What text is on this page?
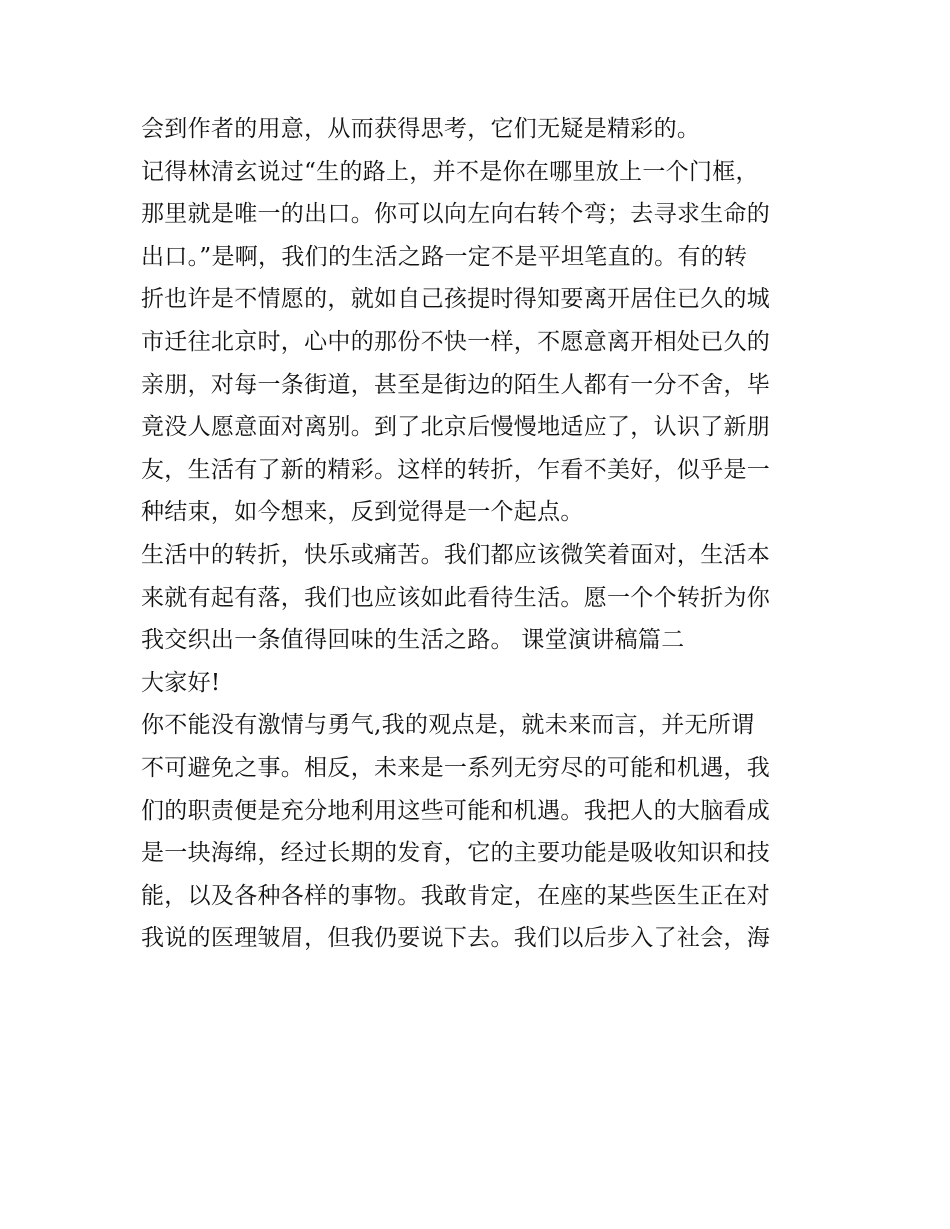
会到作者的用意，从而获得思考，它们无疑是精彩的。
记得林清玄说过“生的路上，并不是你在哪里放上一个门框，
那里就是唯一的出口。你可以向左向右转个弯；去寻求生命的
出口。”是啊，我们的生活之路一定不是平坦笔直的。有的转
折也许是不情愿的，就如自己孩提时得知要离开居住已久的城
市迁往北京时，心中的那份不快一样，不愿意离开相处已久的
亲朋，对每一条街道，甚至是街边的陌生人都有一分不舍，毕
竟没人愿意面对离别。到了北京后慢慢地适应了，认识了新朋
友，生活有了新的精彩。这样的转折，乍看不美好，似乎是一
种结束，如今想来，反到觉得是一个起点。
生活中的转折，快乐或痛苦。我们都应该微笑着面对，生活本
来就有起有落，我们也应该如此看待生活。愿一个个转折为你
我交织出一条值得回味的生活之路。 课堂演讲稿篇二
大家好!
你不能没有激情与勇气,我的观点是，就未来而言，并无所谓
不可避免之事。相反，未来是一系列无穷尽的可能和机遇，我
们的职责便是充分地利用这些可能和机遇。我把人的大脑看成
是一块海绵，经过长期的发育，它的主要功能是吸收知识和技
能，以及各种各样的事物。我敢肯定，在座的某些医生正在对
我说的医理皱眉，但我仍要说下去。我们以后步入了社会，海
